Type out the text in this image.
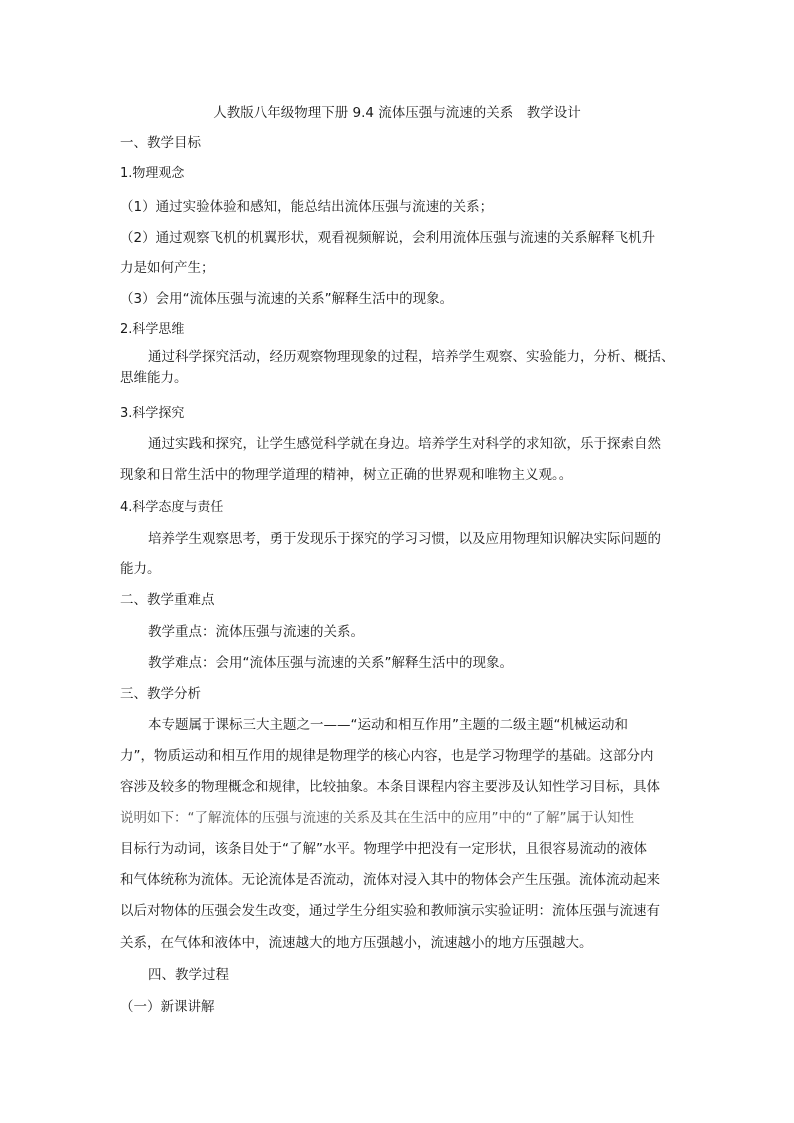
人教版八年级物理下册 9.4 流体压强与流速的关系　教学设计
一、教学目标
1.物理观念
（1）通过实验体验和感知，能总结出流体压强与流速的关系；
（2）通过观察飞机的机翼形状，观看视频解说，会利用流体压强与流速的关系解释飞机升
力是如何产生；
（3）会用“流体压强与流速的关系”解释生活中的现象。
2.科学思维
通过科学探究活动，经历观察物理现象的过程，培养学生观察、实验能力，分析、概括、
思维能力。
3.科学探究
通过实践和探究，让学生感觉科学就在身边。培养学生对科学的求知欲，乐于探索自然
现象和日常生活中的物理学道理的精神，树立正确的世界观和唯物主义观。。
4.科学态度与责任
培养学生观察思考，勇于发现乐于探究的学习习惯，以及应用物理知识解决实际问题的
能力。
二、教学重难点
教学重点：流体压强与流速的关系。
教学难点：会用“流体压强与流速的关系”解释生活中的现象。
三、教学分析
本专题属于课标三大主题之一——“运动和相互作用”主题的二级主题“机械运动和
力”，物质运动和相互作用的规律是物理学的核心内容，也是学习物理学的基础。这部分内
容涉及较多的物理概念和规律，比较抽象。本条目课程内容主要涉及认知性学习目标，具体
说明如下：“了解流体的压强与流速的关系及其在生活中的应用”中的“了解”属于认知性
目标行为动词，该条目处于“了解”水平。物理学中把没有一定形状，且很容易流动的液体
和气体统称为流体。无论流体是否流动，流体对浸入其中的物体会产生压强。流体流动起来
以后对物体的压强会发生改变，通过学生分组实验和教师演示实验证明：流体压强与流速有
关系，在气体和液体中，流速越大的地方压强越小，流速越小的地方压强越大。
四、教学过程
（一）新课讲解
